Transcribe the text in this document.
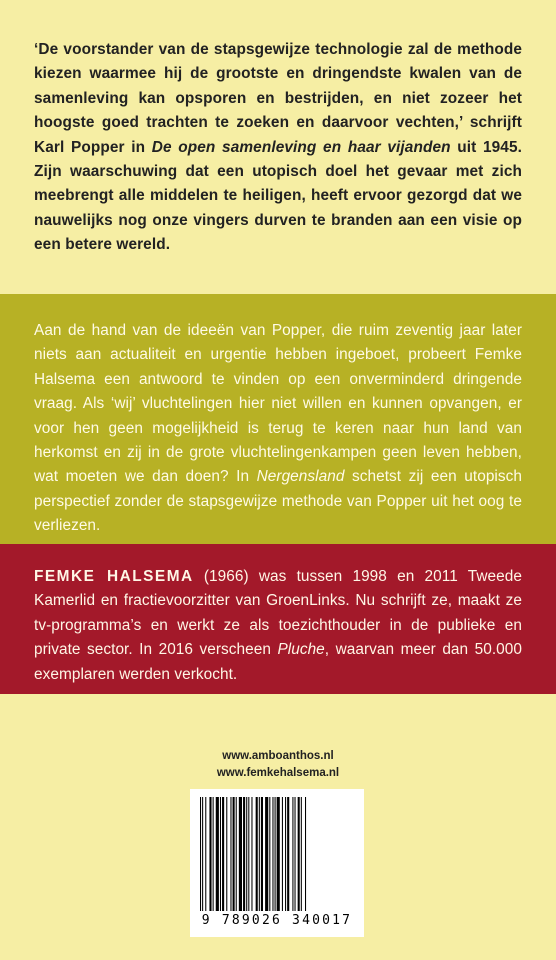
‘De voorstander van de stapsgewijze technologie zal de methode kiezen waarmee hij de grootste en dringendste kwalen van de samenleving kan opsporen en bestrijden, en niet zozeer het hoogste goed trachten te zoeken en daarvoor vechten,’ schrijft Karl Popper in De open samenleving en haar vijanden uit 1945. Zijn waarschuwing dat een utopisch doel het gevaar met zich meebrengt alle middelen te heiligen, heeft ervoor gezorgd dat we nauwelijks nog onze vingers durven te branden aan een visie op een betere wereld.

Aan de hand van de ideeën van Popper, die ruim zeventig jaar later niets aan actualiteit en urgentie hebben ingeboet, probeert Femke Halsema een antwoord te vinden op een onverminderd dringende vraag. Als ‘wij’ vluchtelingen hier niet willen en kunnen opvangen, er voor hen geen mogelijkheid is terug te keren naar hun land van herkomst en zij in de grote vluchtelingenkampen geen leven hebben, wat moeten we dan doen? In Nergensland schetst zij een utopisch perspectief zonder de stapsgewijze methode van Popper uit het oog te verliezen.

FEMKE HALSEMA (1966) was tussen 1998 en 2011 Tweede Kamerlid en fractievoorzitter van GroenLinks. Nu schrijft ze, maakt ze tv-programma’s en werkt ze als toezichthouder in de publieke en private sector. In 2016 verscheen Pluche, waarvan meer dan 50.000 exemplaren werden verkocht.

www.amboanthos.nl
www.femkehalsema.nl
9 789026 340017
